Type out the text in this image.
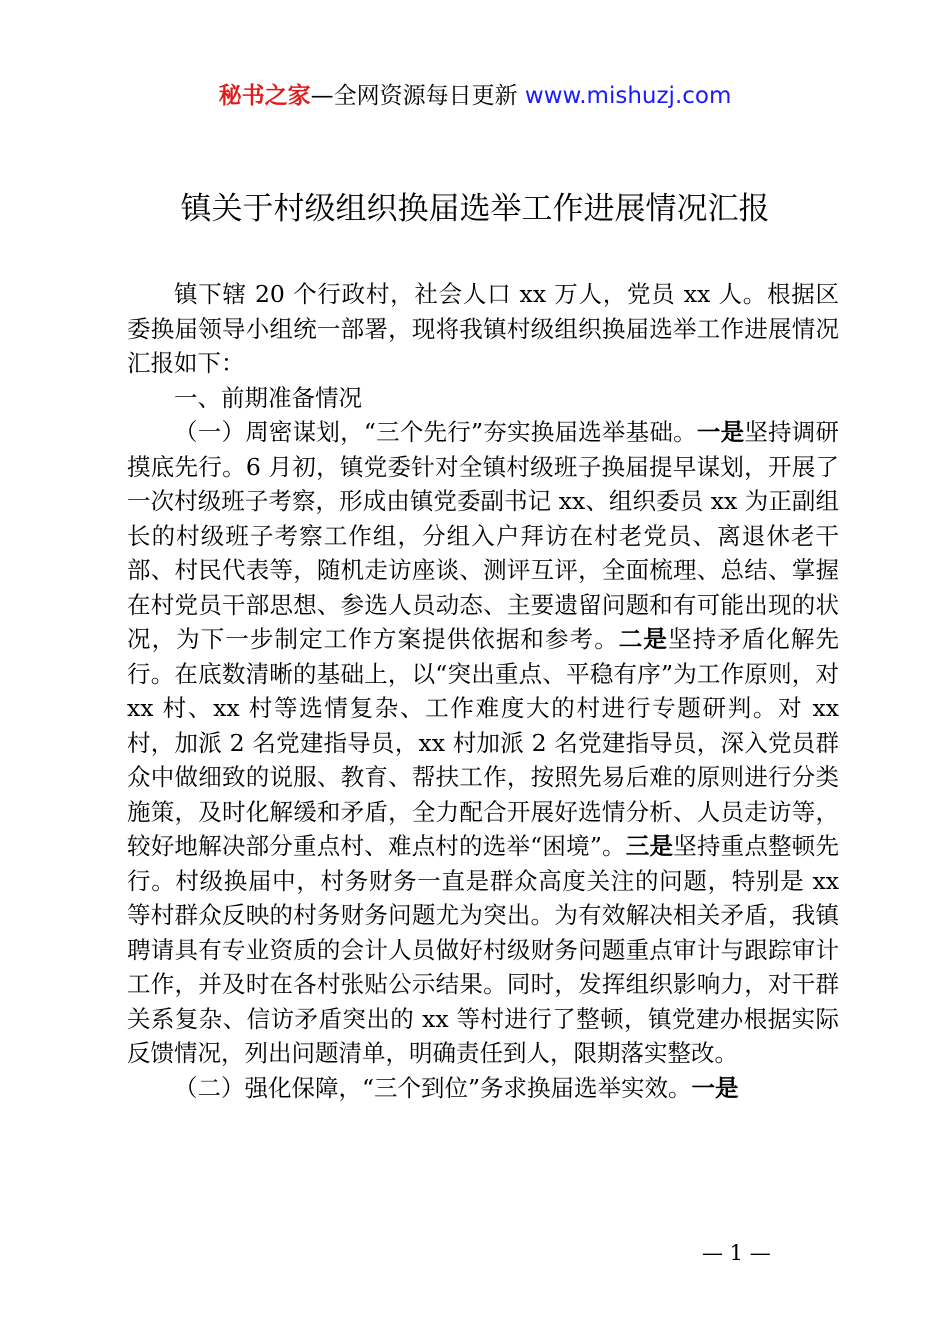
秘书之家—全网资源每日更新 www.mishuzj.com
镇关于村级组织换届选举工作进展情况汇报

镇下辖 20 个行政村，社会人口 xx 万人，党员 xx 人。根据区委换届领导小组统一部署，现将我镇村级组织换届选举工作进展情况汇报如下：

一、前期准备情况

（一）周密谋划，“三个先行”夯实换届选举基础。一是坚持调研摸底先行。6 月初，镇党委针对全镇村级班子换届提早谋划，开展了一次村级班子考察，形成由镇党委副书记 xx、组织委员 xx 为正副组长的村级班子考察工作组，分组入户拜访在村老党员、离退休老干部、村民代表等，随机走访座谈、测评互评，全面梳理、总结、掌握在村党员干部思想、参选人员动态、主要遗留问题和有可能出现的状况，为下一步制定工作方案提供依据和参考。二是坚持矛盾化解先行。在底数清晰的基础上，以“突出重点、平稳有序”为工作原则，对 xx 村、xx 村等选情复杂、工作难度大的村进行专题研判。对 xx 村，加派 2 名党建指导员，xx 村加派 2 名党建指导员，深入党员群众中做细致的说服、教育、帮扶工作，按照先易后难的原则进行分类施策，及时化解缓和矛盾，全力配合开展好选情分析、人员走访等，较好地解决部分重点村、难点村的选举“困境”。三是坚持重点整顿先行。村级换届中，村务财务一直是群众高度关注的问题，特别是 xx 等村群众反映的村务财务问题尤为突出。为有效解决相关矛盾，我镇聘请具有专业资质的会计人员做好村级财务问题重点审计与跟踪审计工作，并及时在各村张贴公示结果。同时，发挥组织影响力，对干群关系复杂、信访矛盾突出的 xx 等村进行了整顿，镇党建办根据实际反馈情况，列出问题清单，明确责任到人，限期落实整改。

（二）强化保障，“三个到位”务求换届选举实效。一是

— 1 —
